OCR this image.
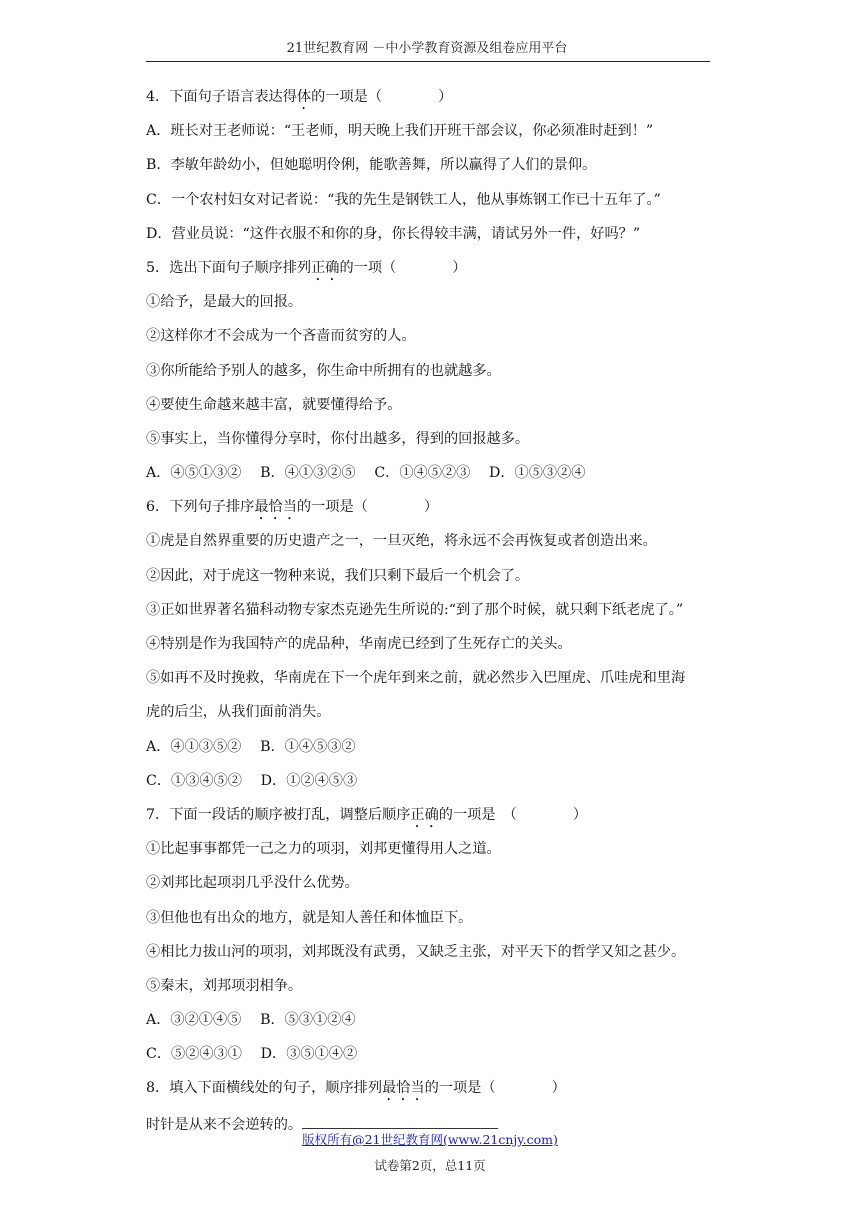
21世纪教育网 －中小学教育资源及组卷应用平台
4．下面句子语言表达得体的一项是（	）
A．班长对王老师说：“王老师，明天晚上我们开班干部会议，你必须准时赶到！”
B．李敏年龄幼小，但她聪明伶俐，能歌善舞，所以赢得了人们的景仰。
C．一个农村妇女对记者说：“我的先生是钢铁工人，他从事炼钢工作已十五年了。”
D．营业员说：“这件衣服不和你的身，你长得较丰满，请试另外一件，好吗？”
5．选出下面句子顺序排列正确的一项（	）
①给予，是最大的回报。
②这样你才不会成为一个吝啬而贫穷的人。
③你所能给予别人的越多，你生命中所拥有的也就越多。
④要使生命越来越丰富，就要懂得给予。
⑤事实上，当你懂得分享时，你付出越多，得到的回报越多。
A．④⑤①③②　 B．④①③②⑤　 C．①④⑤②③　 D．①⑤③②④
6．下列句子排序最恰当的一项是（	）
①虎是自然界重要的历史遗产之一，一旦灭绝，将永远不会再恢复或者创造出来。
②因此，对于虎这一物种来说，我们只剩下最后一个机会了。
③正如世界著名猫科动物专家杰克逊先生所说的:“到了那个时候，就只剩下纸老虎了。”
④特别是作为我国特产的虎品种，华南虎已经到了生死存亡的关头。
⑤如再不及时挽救，华南虎在下一个虎年到来之前，就必然步入巴厘虎、爪哇虎和里海
虎的后尘，从我们面前消失。
A．④①③⑤②　 B．①④⑤③②
C．①③④⑤②　 D．①②④⑤③
7．下面一段话的顺序被打乱，调整后顺序正确的一项是　（	）
①比起事事都凭一己之力的项羽，刘邦更懂得用人之道。
②刘邦比起项羽几乎没什么优势。
③但他也有出众的地方，就是知人善任和体恤臣下。
④相比力拔山河的项羽，刘邦既没有武勇，又缺乏主张，对平天下的哲学又知之甚少。
⑤秦末，刘邦项羽相争。
A．③②①④⑤　 B．⑤③①②④
C．⑤②④③①　 D．③⑤①④②
8．填入下面横线处的句子，顺序排列最恰当的一项是（	）
时针是从来不会逆转的。
版权所有@21世纪教育网(www.21cnjy.com)
试卷第2页，总11页
